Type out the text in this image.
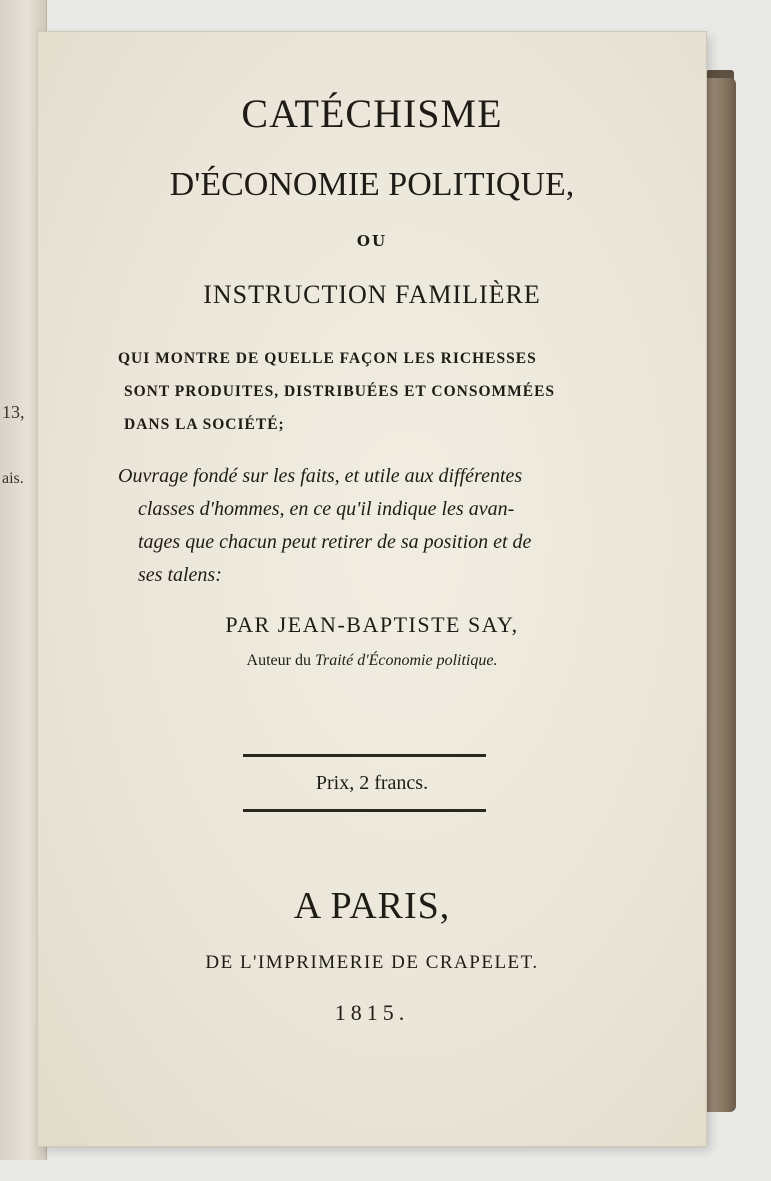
13,
ais.
CATÉCHISME
D'ÉCONOMIE POLITIQUE,
OU
INSTRUCTION FAMILIÈRE
QUI MONTRE DE QUELLE FAÇON LES RICHESSES
SONT PRODUITES, DISTRIBUÉES ET CONSOMMÉES
DANS LA SOCIÉTÉ;
Ouvrage fondé sur les faits, et utile aux différentes
classes d'hommes, en ce qu'il indique les avan-
tages que chacun peut retirer de sa position et de
ses talens:
PAR JEAN-BAPTISTE SAY,
Auteur du Traité d'Économie politique.
Prix, 2 francs.
A PARIS,
DE L'IMPRIMERIE DE CRAPELET.
1815.
